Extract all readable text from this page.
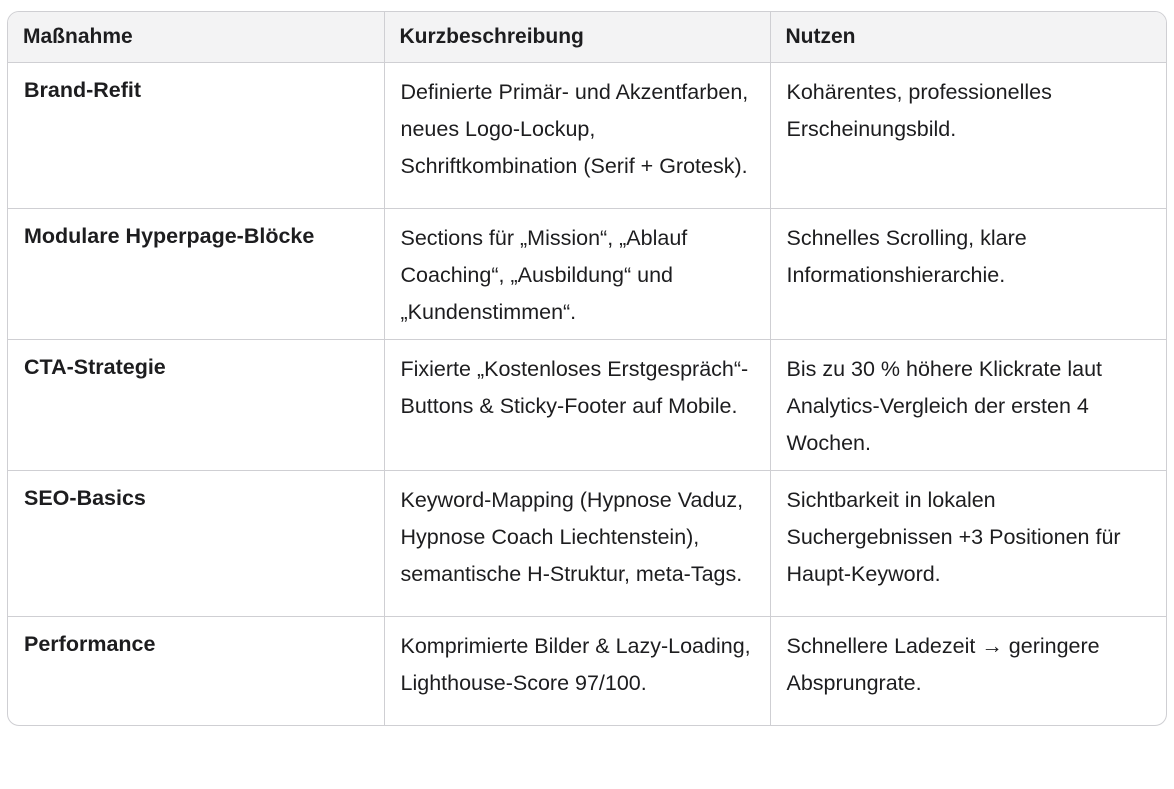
Maßnahme	Kurzbeschreibung	Nutzen
Brand-Refit	Definierte Primär- und Akzentfarben, neues Logo-Lockup, Schriftkombination (Serif + Grotesk).	Kohärentes, professionelles Erscheinungsbild.
Modulare Hyperpage-Blöcke	Sections für „Mission“, „Ablauf Coaching“, „Ausbildung“ und „Kundenstimmen“.	Schnelles Scrolling, klare Informationshierarchie.
CTA-Strategie	Fixierte „Kostenloses Erstgespräch“-Buttons & Sticky-Footer auf Mobile.	Bis zu 30 % höhere Klickrate laut Analytics-Vergleich der ersten 4 Wochen.
SEO-Basics	Keyword-Mapping (Hypnose Vaduz, Hypnose Coach Liechtenstein), semantische H-Struktur, meta-Tags.	Sichtbarkeit in lokalen Suchergebnissen +3 Positionen für Haupt-Keyword.
Performance	Komprimierte Bilder & Lazy-Loading, Lighthouse-Score 97/100.	Schnellere Ladezeit → geringere Absprungrate.
